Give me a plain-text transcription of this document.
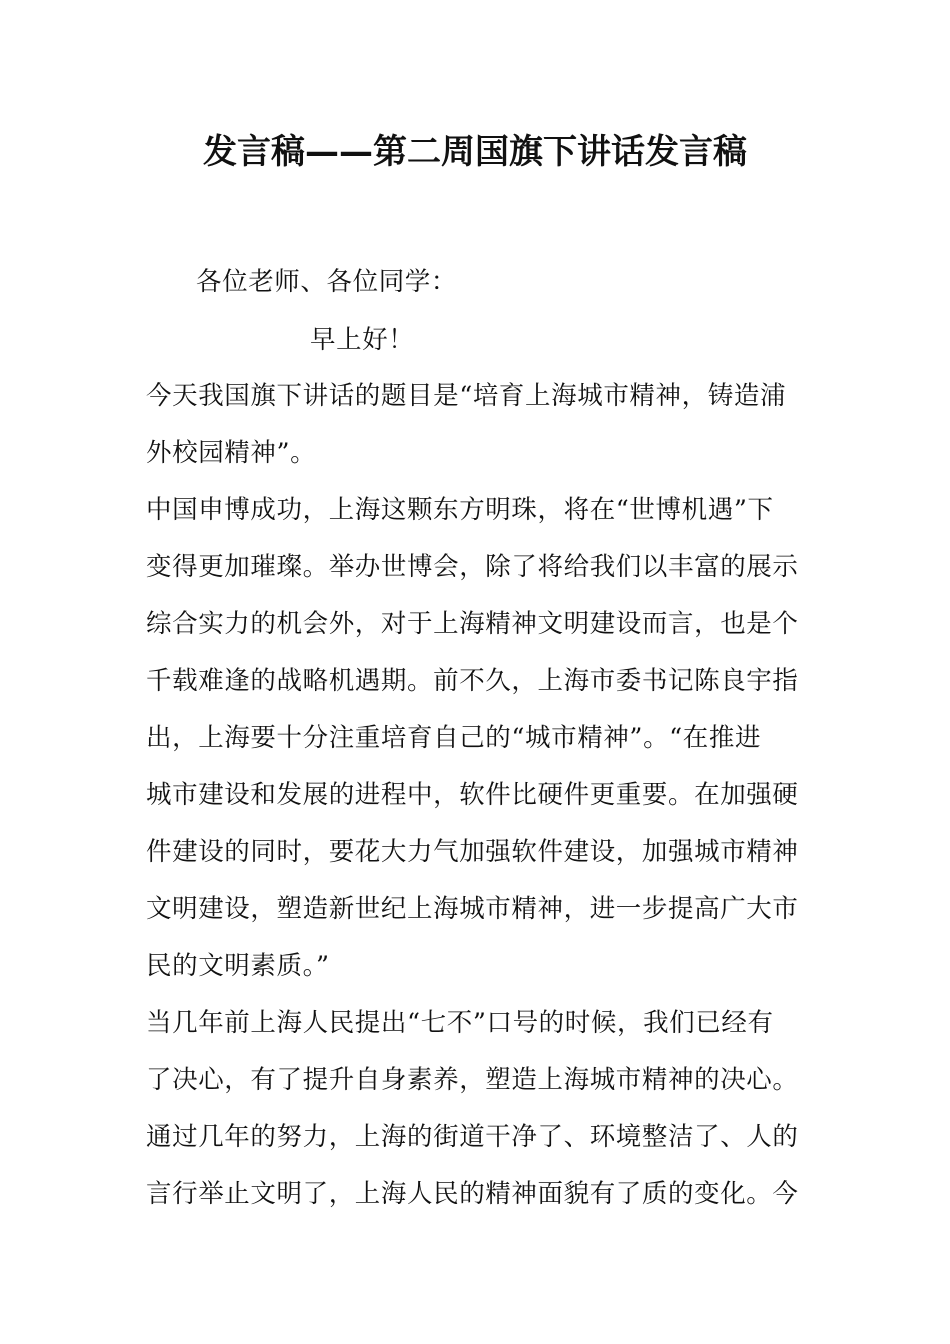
发言稿——第二周国旗下讲话发言稿
各位老师、各位同学：
早上好！
今天我国旗下讲话的题目是“培育上海城市精神，铸造浦
外校园精神”。
中国申博成功，上海这颗东方明珠，将在“世博机遇”下
变得更加璀璨。举办世博会，除了将给我们以丰富的展示
综合实力的机会外，对于上海精神文明建设而言，也是个
千载难逢的战略机遇期。前不久，上海市委书记陈良宇指
出，上海要十分注重培育自己的“城市精神”。“在推进
城市建设和发展的进程中，软件比硬件更重要。在加强硬
件建设的同时，要花大力气加强软件建设，加强城市精神
文明建设，塑造新世纪上海城市精神，进一步提高广大市
民的文明素质。”
当几年前上海人民提出“七不”口号的时候，我们已经有
了决心，有了提升自身素养，塑造上海城市精神的决心。
通过几年的努力，上海的街道干净了、环境整洁了、人的
言行举止文明了，上海人民的精神面貌有了质的变化。今
